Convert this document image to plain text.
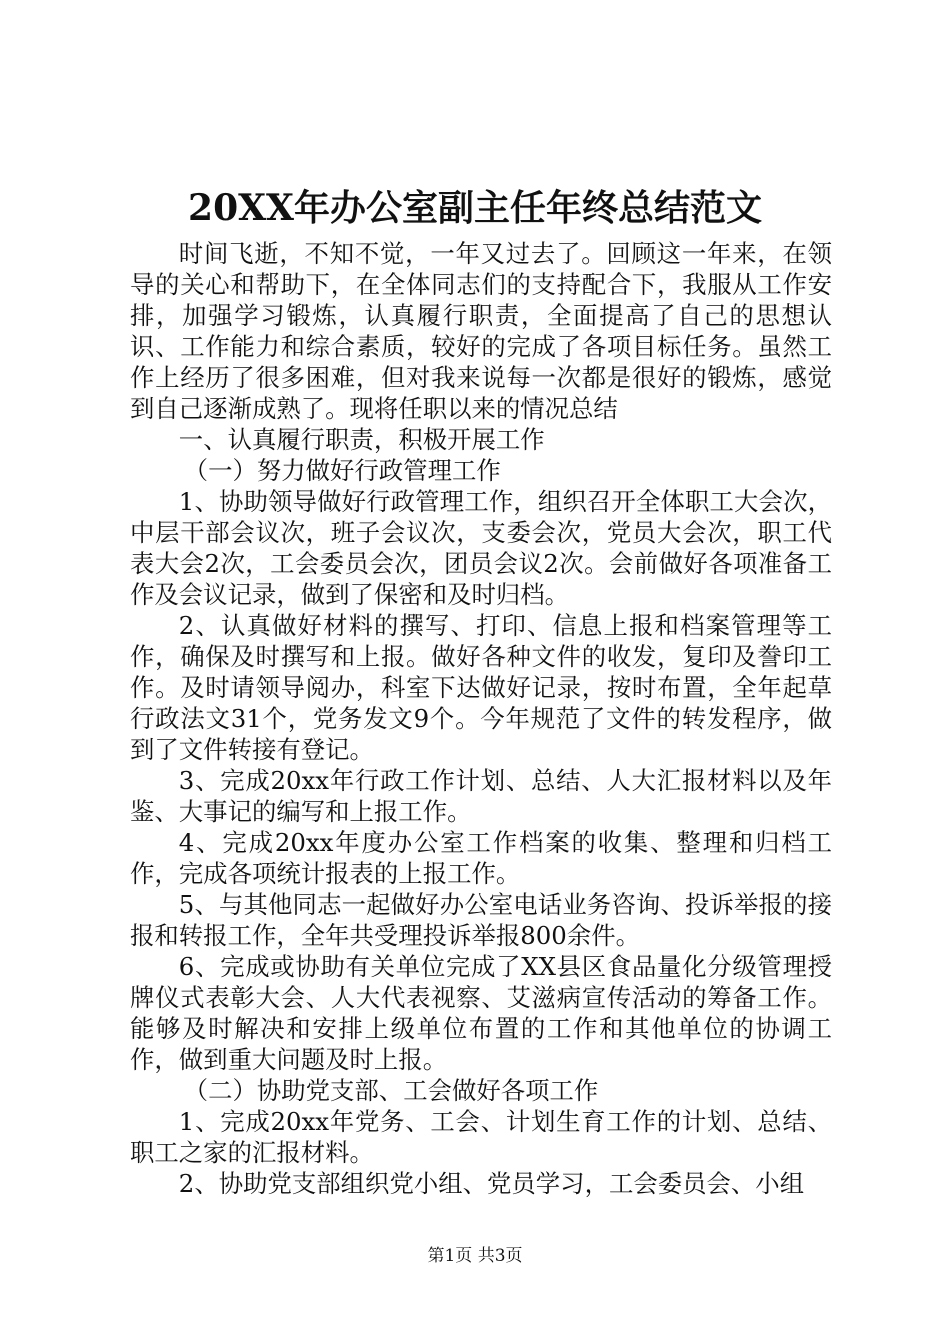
20XX年办公室副主任年终总结范文

时间飞逝，不知不觉，一年又过去了。回顾这一年来，在领导的关心和帮助下，在全体同志们的支持配合下，我服从工作安排，加强学习锻炼，认真履行职责，全面提高了自己的思想认识、工作能力和综合素质，较好的完成了各项目标任务。虽然工作上经历了很多困难，但对我来说每一次都是很好的锻炼，感觉到自己逐渐成熟了。现将任职以来的情况总结

一、认真履行职责，积极开展工作

（一）努力做好行政管理工作

1、协助领导做好行政管理工作，组织召开全体职工大会次，中层干部会议次，班子会议次，支委会次，党员大会次，职工代表大会2次，工会委员会次，团员会议2次。会前做好各项准备工作及会议记录，做到了保密和及时归档。

2、认真做好材料的撰写、打印、信息上报和档案管理等工作，确保及时撰写和上报。做好各种文件的收发，复印及誊印工作。及时请领导阅办，科室下达做好记录，按时布置，全年起草行政法文31个，党务发文9个。今年规范了文件的转发程序，做到了文件转接有登记。

3、完成20xx年行政工作计划、总结、人大汇报材料以及年鉴、大事记的编写和上报工作。

4、完成20xx年度办公室工作档案的收集、整理和归档工作，完成各项统计报表的上报工作。

5、与其他同志一起做好办公室电话业务咨询、投诉举报的接报和转报工作，全年共受理投诉举报800余件。

6、完成或协助有关单位完成了XX县区食品量化分级管理授牌仪式表彰大会、人大代表视察、艾滋病宣传活动的筹备工作。能够及时解决和安排上级单位布置的工作和其他单位的协调工作，做到重大问题及时上报。

（二）协助党支部、工会做好各项工作

1、完成20xx年党务、工会、计划生育工作的计划、总结、职工之家的汇报材料。

2、协助党支部组织党小组、党员学习，工会委员会、小组

第1页 共3页
